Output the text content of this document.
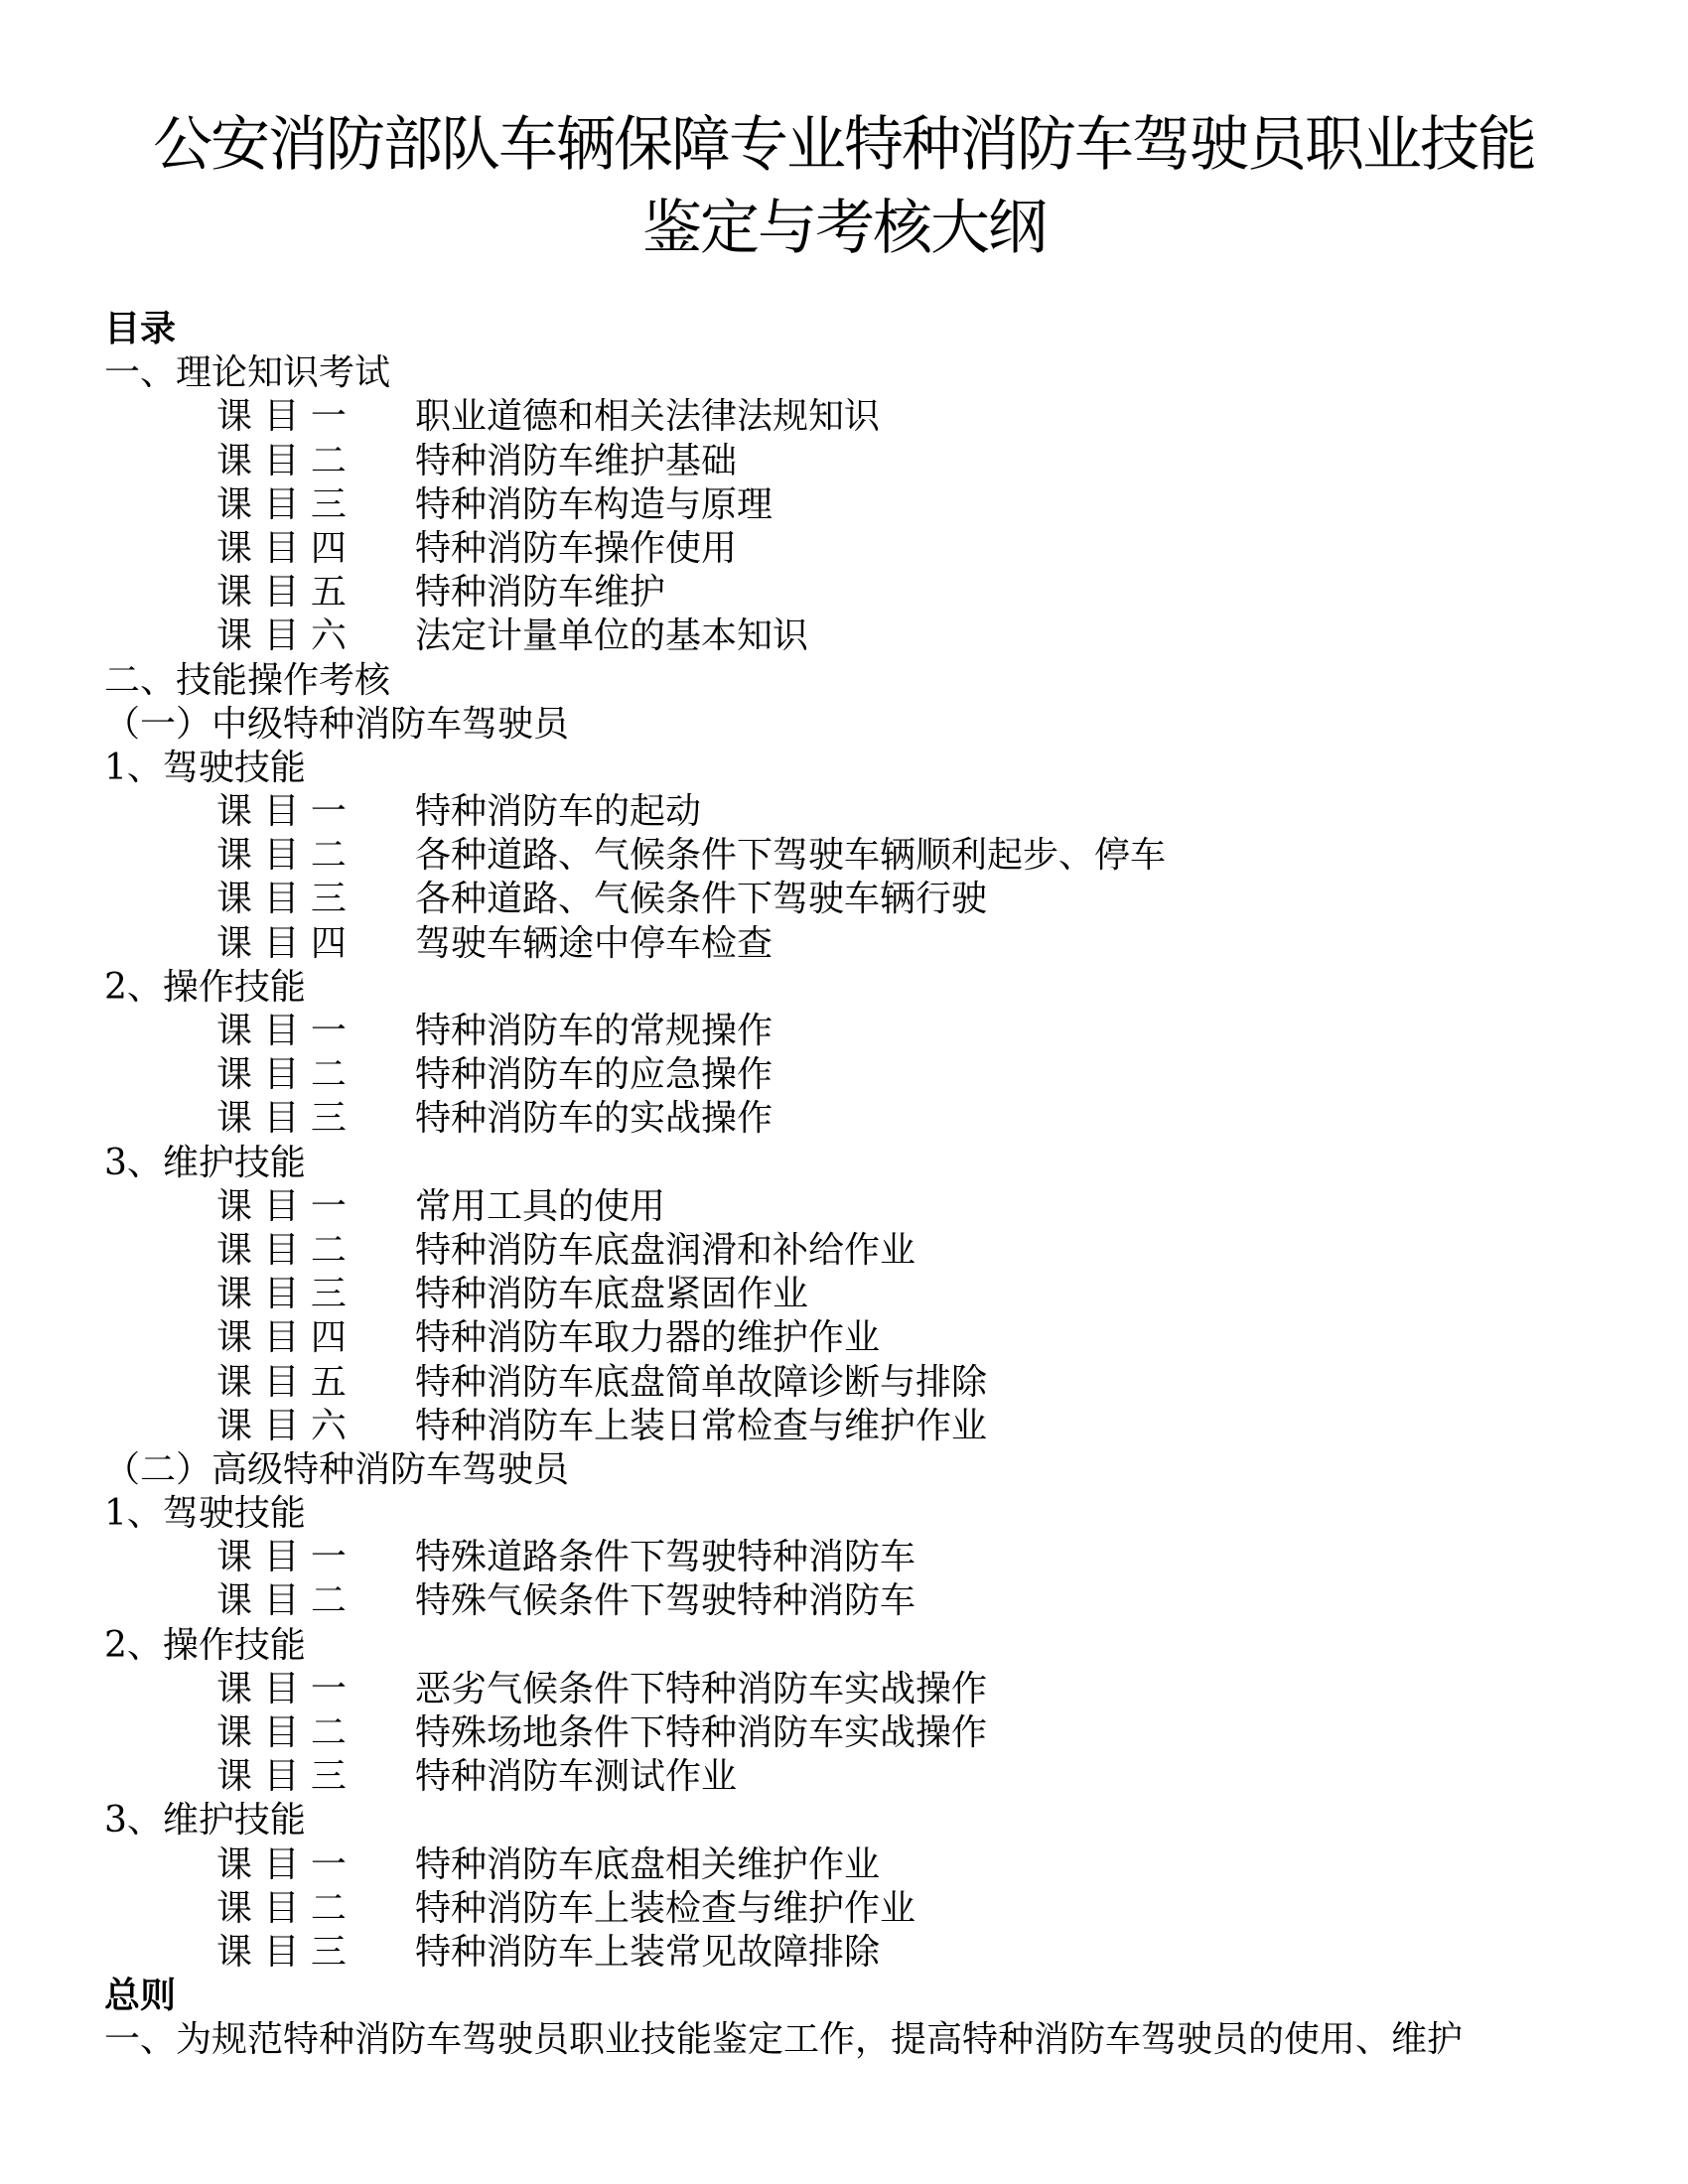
公安消防部队车辆保障专业特种消防车驾驶员职业技能
鉴定与考核大纲
目录
一、理论知识考试
课 目 一 职业道德和相关法律法规知识
课 目 二 特种消防车维护基础
课 目 三 特种消防车构造与原理
课 目 四 特种消防车操作使用
课 目 五 特种消防车维护
课 目 六 法定计量单位的基本知识
二、技能操作考核
（一）中级特种消防车驾驶员
1、驾驶技能
课 目 一 特种消防车的起动
课 目 二 各种道路、气候条件下驾驶车辆顺利起步、停车
课 目 三 各种道路、气候条件下驾驶车辆行驶
课 目 四 驾驶车辆途中停车检查
2、操作技能
课 目 一 特种消防车的常规操作
课 目 二 特种消防车的应急操作
课 目 三 特种消防车的实战操作
3、维护技能
课 目 一 常用工具的使用
课 目 二 特种消防车底盘润滑和补给作业
课 目 三 特种消防车底盘紧固作业
课 目 四 特种消防车取力器的维护作业
课 目 五 特种消防车底盘简单故障诊断与排除
课 目 六 特种消防车上装日常检查与维护作业
（二）高级特种消防车驾驶员
1、驾驶技能
课 目 一 特殊道路条件下驾驶特种消防车
课 目 二 特殊气候条件下驾驶特种消防车
2、操作技能
课 目 一 恶劣气候条件下特种消防车实战操作
课 目 二 特殊场地条件下特种消防车实战操作
课 目 三 特种消防车测试作业
3、维护技能
课 目 一 特种消防车底盘相关维护作业
课 目 二 特种消防车上装检查与维护作业
课 目 三 特种消防车上装常见故障排除
总则
一、为规范特种消防车驾驶员职业技能鉴定工作，提高特种消防车驾驶员的使用、维护
